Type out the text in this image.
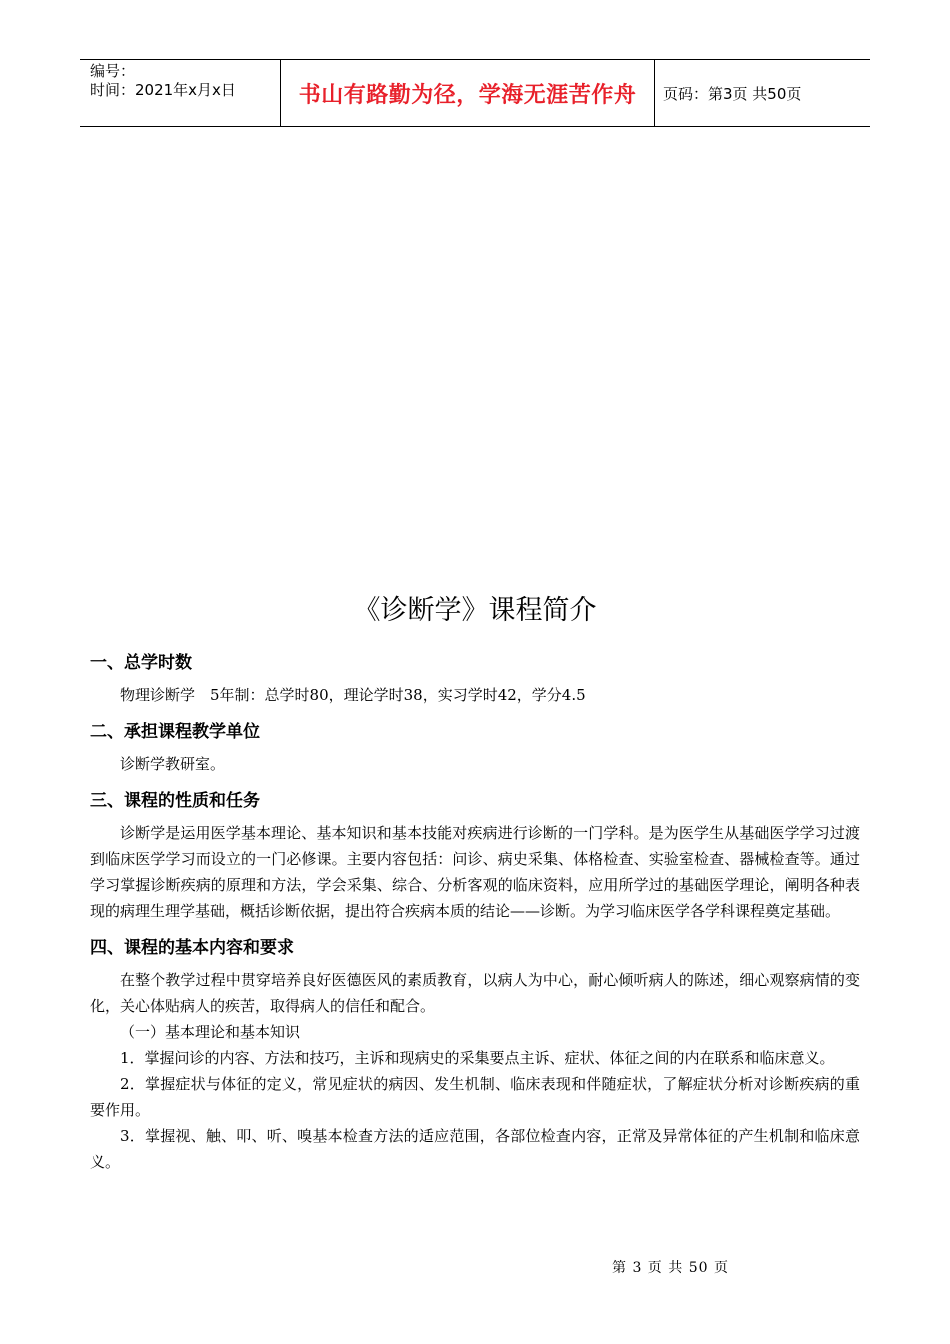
编号：
时间：2021年x月x日	书山有路勤为径，学海无涯苦作舟	页码：第3页 共50页
《诊断学》课程简介

一、总学时数

物理诊断学　5年制：总学时80，理论学时38，实习学时42，学分4.5

二、承担课程教学单位

诊断学教研室。

三、课程的性质和任务

诊断学是运用医学基本理论、基本知识和基本技能对疾病进行诊断的一门学科。是为医学生从基础医学学习过渡到临床医学学习而设立的一门必修课。主要内容包括：问诊、病史采集、体格检查、实验室检查、器械检查等。通过学习掌握诊断疾病的原理和方法，学会采集、综合、分析客观的临床资料，应用所学过的基础医学理论，阐明各种表现的病理生理学基础，概括诊断依据，提出符合疾病本质的结论——诊断。为学习临床医学各学科课程奠定基础。

四、课程的基本内容和要求

在整个教学过程中贯穿培养良好医德医风的素质教育，以病人为中心，耐心倾听病人的陈述，细心观察病情的变化，关心体贴病人的疾苦，取得病人的信任和配合。

（一）基本理论和基本知识

1．掌握问诊的内容、方法和技巧，主诉和现病史的采集要点主诉、症状、体征之间的内在联系和临床意义。

2．掌握症状与体征的定义，常见症状的病因、发生机制、临床表现和伴随症状，了解症状分析对诊断疾病的重要作用。

3．掌握视、触、叩、听、嗅基本检查方法的适应范围，各部位检查内容，正常及异常体征的产生机制和临床意义。

第 3 页 共 50 页
